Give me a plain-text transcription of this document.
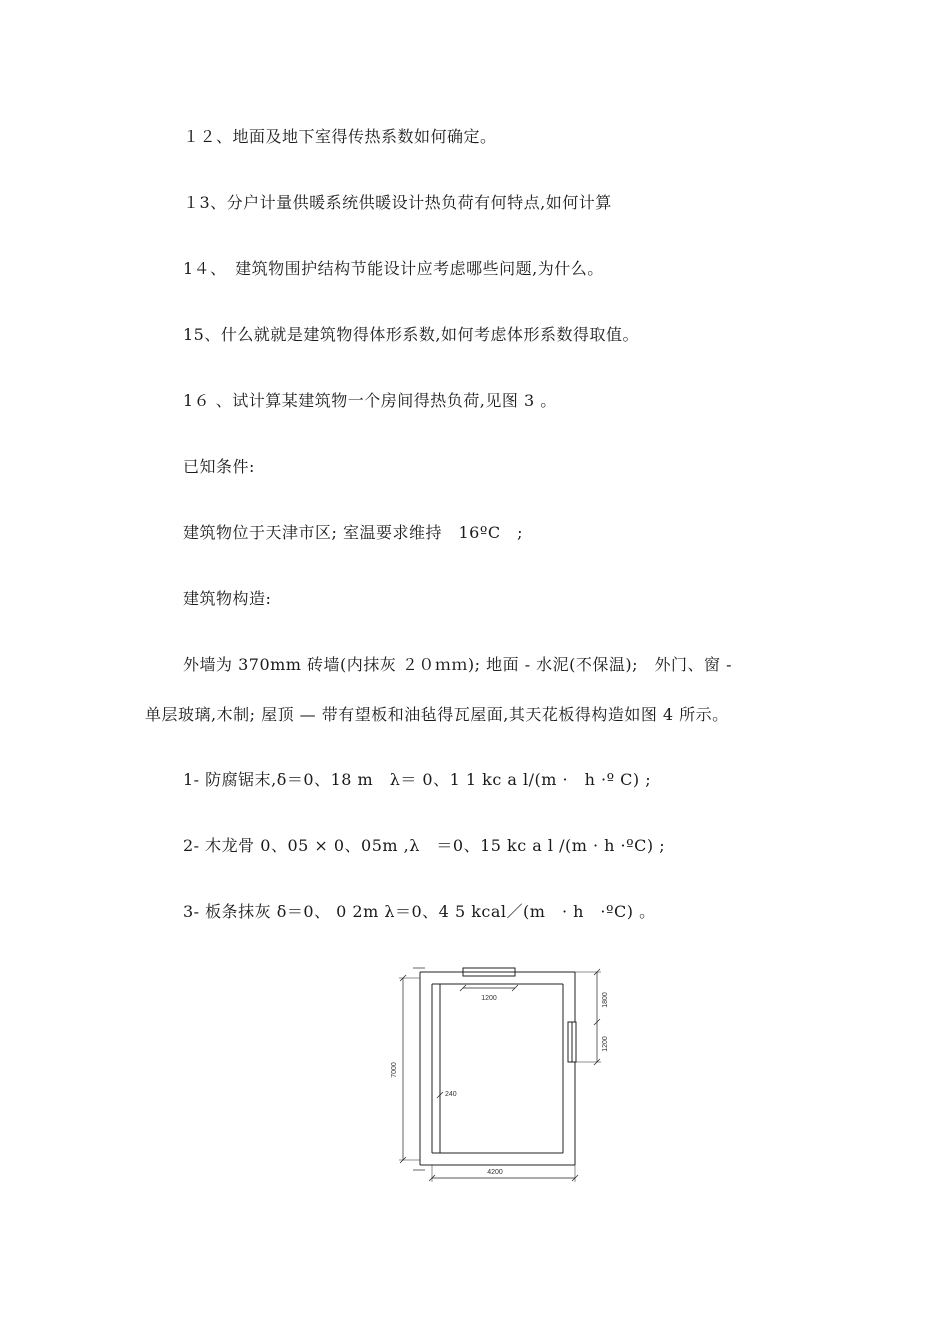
１２、地面及地下室得传热系数如何确定。
１3、分户计量供暖系统供暖设计热负荷有何特点,如何计算
1４、　建筑物围护结构节能设计应考虑哪些问题,为什么。
15、什么就就是建筑物得体形系数,如何考虑体形系数得取值。
1６ 、试计算某建筑物一个房间得热负荷,见图 3 。
已知条件:
建筑物位于天津市区; 室温要求维持　16ºC　;
建筑物构造:
外墙为 370mm 砖墙(内抹灰 ２０ｍｍ); 地面 - 水泥(不保温);　外门、窗 -
单层玻璃,木制; 屋顶 — 带有望板和油毡得瓦屋面,其天花板得构造如图 4 所示。
1- 防腐锯末,δ＝0、18 m　λ＝ 0、1 1 kc a l/(m ·　h ·º C) ;
2- 木龙骨 0、05 × 0、05m ,λ　＝0、15 kc a l /(m · h ·ºC) ;
3- 板条抹灰 δ＝0、 0 2m λ＝0、4 5 kcal／(m　· h　·ºC) 。
1200	1800
1200
7000
240
4200
